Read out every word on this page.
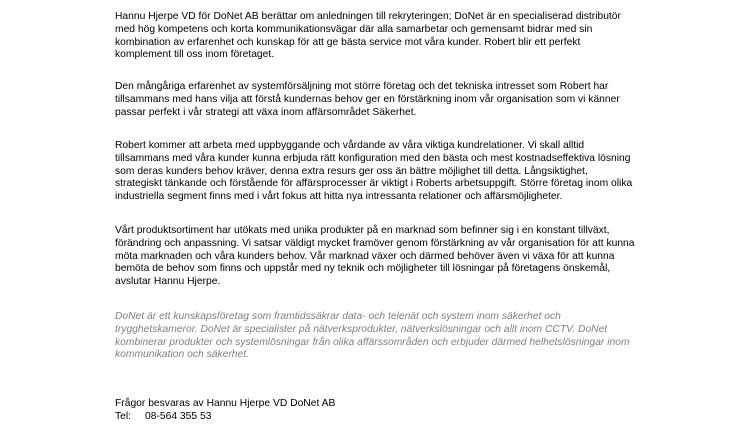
Hannu Hjerpe VD för DoNet AB berättar om anledningen till rekryteringen; DoNet är en specialiserad distributör
med hög kompetens och korta kommunikationsvägar där alla samarbetar och gemensamt bidrar med sin
kombination av erfarenhet och kunskap för att ge bästa service mot våra kunder. Robert blir ett perfekt
komplement till oss inom företaget.
Den mångåriga erfarenhet av systemförsäljning mot större företag och det tekniska intresset som Robert har
tillsammans med hans vilja att förstå kundernas behov ger en förstärkning inom vår organisation som vi känner
passar perfekt i vår strategi att växa inom affärsområdet Säkerhet.
Robert kommer att arbeta med uppbyggande och vårdande av våra viktiga kundrelationer. Vi skall alltid
tillsammans med våra kunder kunna erbjuda rätt konfiguration med den bästa och mest kostnadseffektiva lösning
som deras kunders behov kräver, denna extra resurs ger oss än bättre möjlighet till detta. Långsiktighet,
strategiskt tänkande och förstående för affärsprocesser är viktigt i Roberts arbetsuppgift. Större företag inom olika
industriella segment finns med i vårt fokus att hitta nya intressanta relationer och affärsmöjligheter.
Vårt produktsortiment har utökats med unika produkter på en marknad som befinner sig i en konstant tillväxt,
förändring och anpassning. Vi satsar väldigt mycket framöver genom förstärkning av vår organisation för att kunna
möta marknaden och våra kunders behov. Vår marknad växer och därmed behöver även vi växa för att kunna
bemöta de behov som finns och uppstår med ny teknik och möjligheter till lösningar på företagens önskemål,
avslutar Hannu Hjerpe.
DoNet är ett kunskapsföretag som framtidssäkrar data- och telenät och system inom säkerhet och
trygghetskameror. DoNet är specialister på nätverksprodukter, nätverkslösningar och allt inom CCTV. DoNet
kombinerar produkter och systemlösningar från olika affärssområden och erbjuder därmed helhetslösningar inom
kommunikation och säkerhet.
Frågor besvaras av Hannu Hjerpe VD DoNet AB
Tel: 08-564 355 53
